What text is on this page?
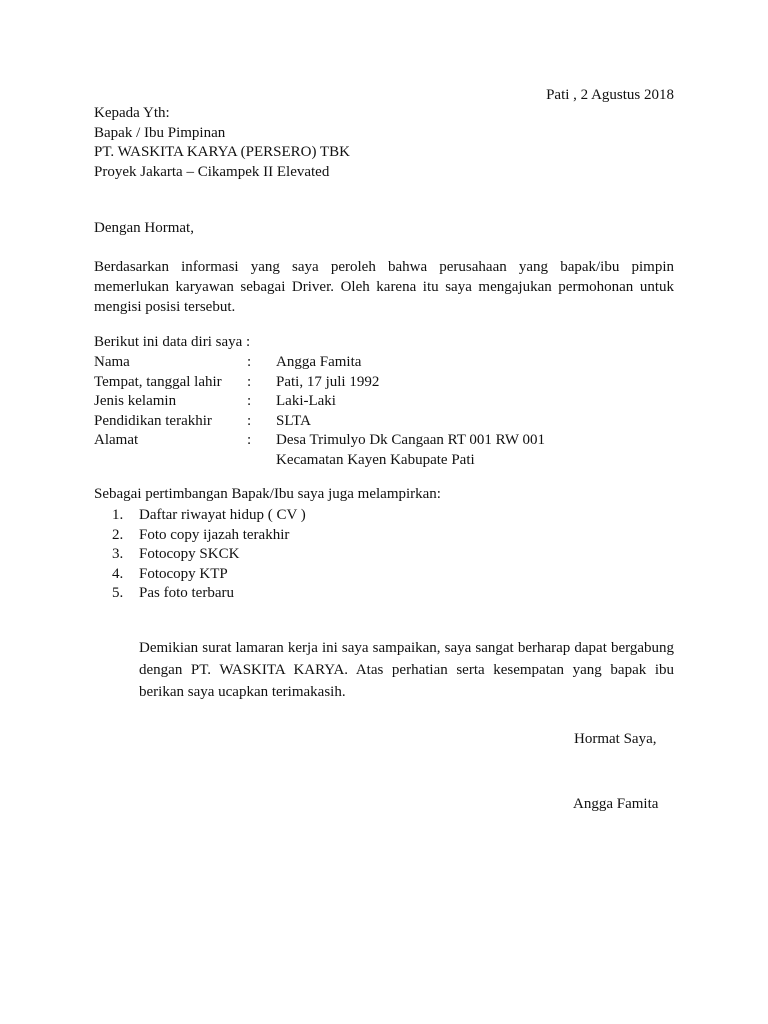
Pati , 2 Agustus 2018
Kepada Yth:
Bapak / Ibu Pimpinan
PT. WASKITA KARYA (PERSERO) TBK
Proyek Jakarta – Cikampek II Elevated
Dengan Hormat,

Berdasarkan informasi yang saya peroleh bahwa perusahaan yang bapak/ibu pimpin memerlukan karyawan sebagai Driver. Oleh karena itu saya mengajukan permohonan untuk mengisi posisi tersebut.

Berikut ini data diri saya :
Nama	:	Angga Famita
Tempat, tanggal lahir	:	Pati, 17 juli 1992
Jenis kelamin	:	Laki-Laki
Pendidikan terakhir	:	SLTA
Alamat	:	Desa Trimulyo Dk Cangaan RT 001 RW 001
		Kecamatan Kayen Kabupate Pati
Sebagai pertimbangan Bapak/Ibu saya juga melampirkan:
1. Daftar riwayat hidup ( CV )
2. Foto copy ijazah terakhir
3. Fotocopy SKCK
4. Fotocopy KTP
5. Pas foto terbaru

Demikian surat lamaran kerja ini saya sampaikan, saya sangat berharap dapat bergabung dengan PT. WASKITA KARYA. Atas perhatian serta kesempatan yang bapak ibu berikan saya ucapkan terimakasih.

Hormat Saya,
Angga Famita
